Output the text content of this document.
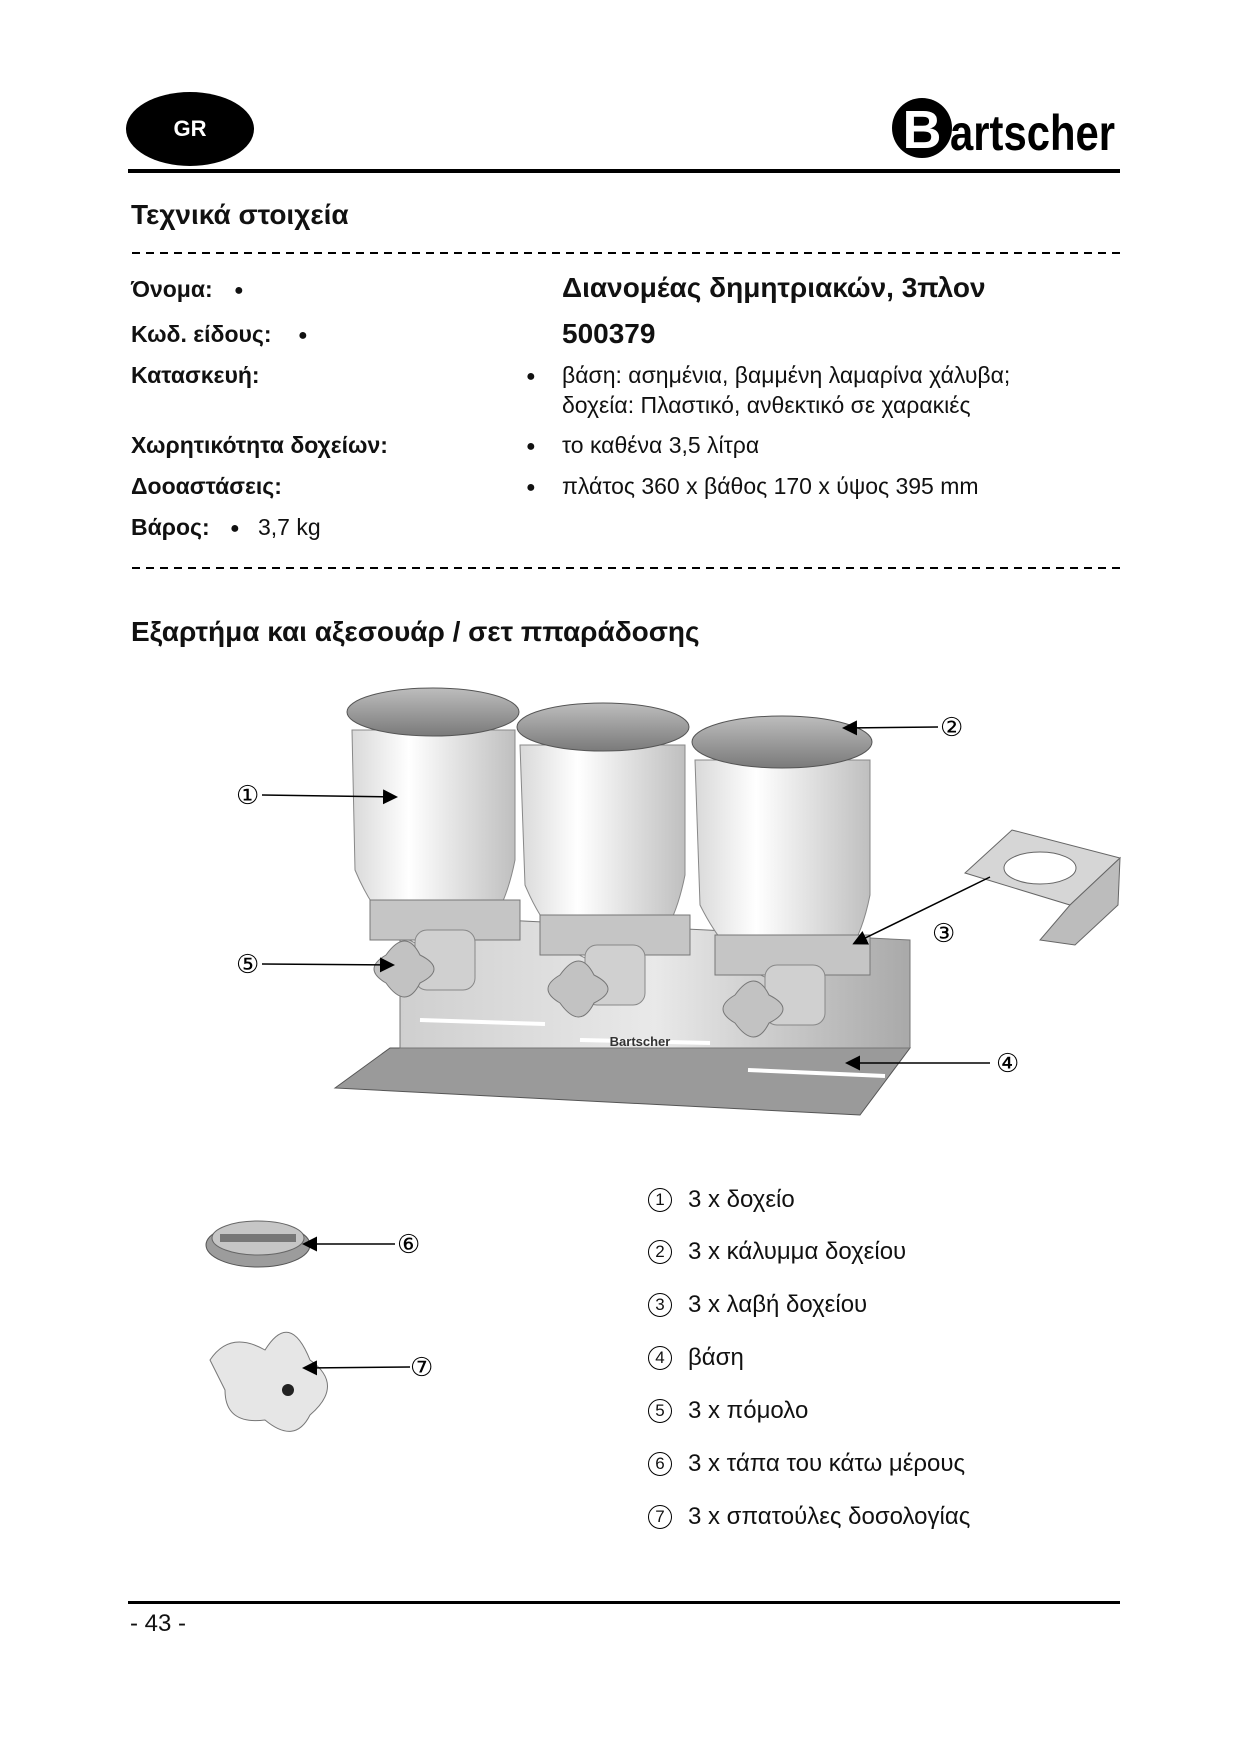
GR	B artscher
Τεχνικά στοιχεία
Όνομα: ●	Διανομέας δημητριακών, 3πλον
Κωδ. είδους: ●	500379
Κατασκευή:	● βάση: ασημένια, βαμμένη λαμαρίνα χάλυβα;
δοχεία: Πλαστικό, ανθεκτικό σε χαρακιές
Χωρητικότητα δοχείων:	● το καθένα 3,5 λίτρα
Δοοαστάσεις:	● πλάτος 360 x βάθος 170 x ύψος 395 mm
Βάρος: ● 3,7 kg
Εξαρτήμα και αξεσουάρ / σετ ππαράδοσης
Bartscher
①
②
③
④
⑤
⑥
⑦
1 3 x δοχείο
2 3 x κάλυμμα δοχείου
3 3 x λαβή δοχείου
4 βάση
5 3 x πόμολο
6 3 x τάπα του κάτω μέρους
7 3 x σπατούλες δοσολογίας
- 43 -
